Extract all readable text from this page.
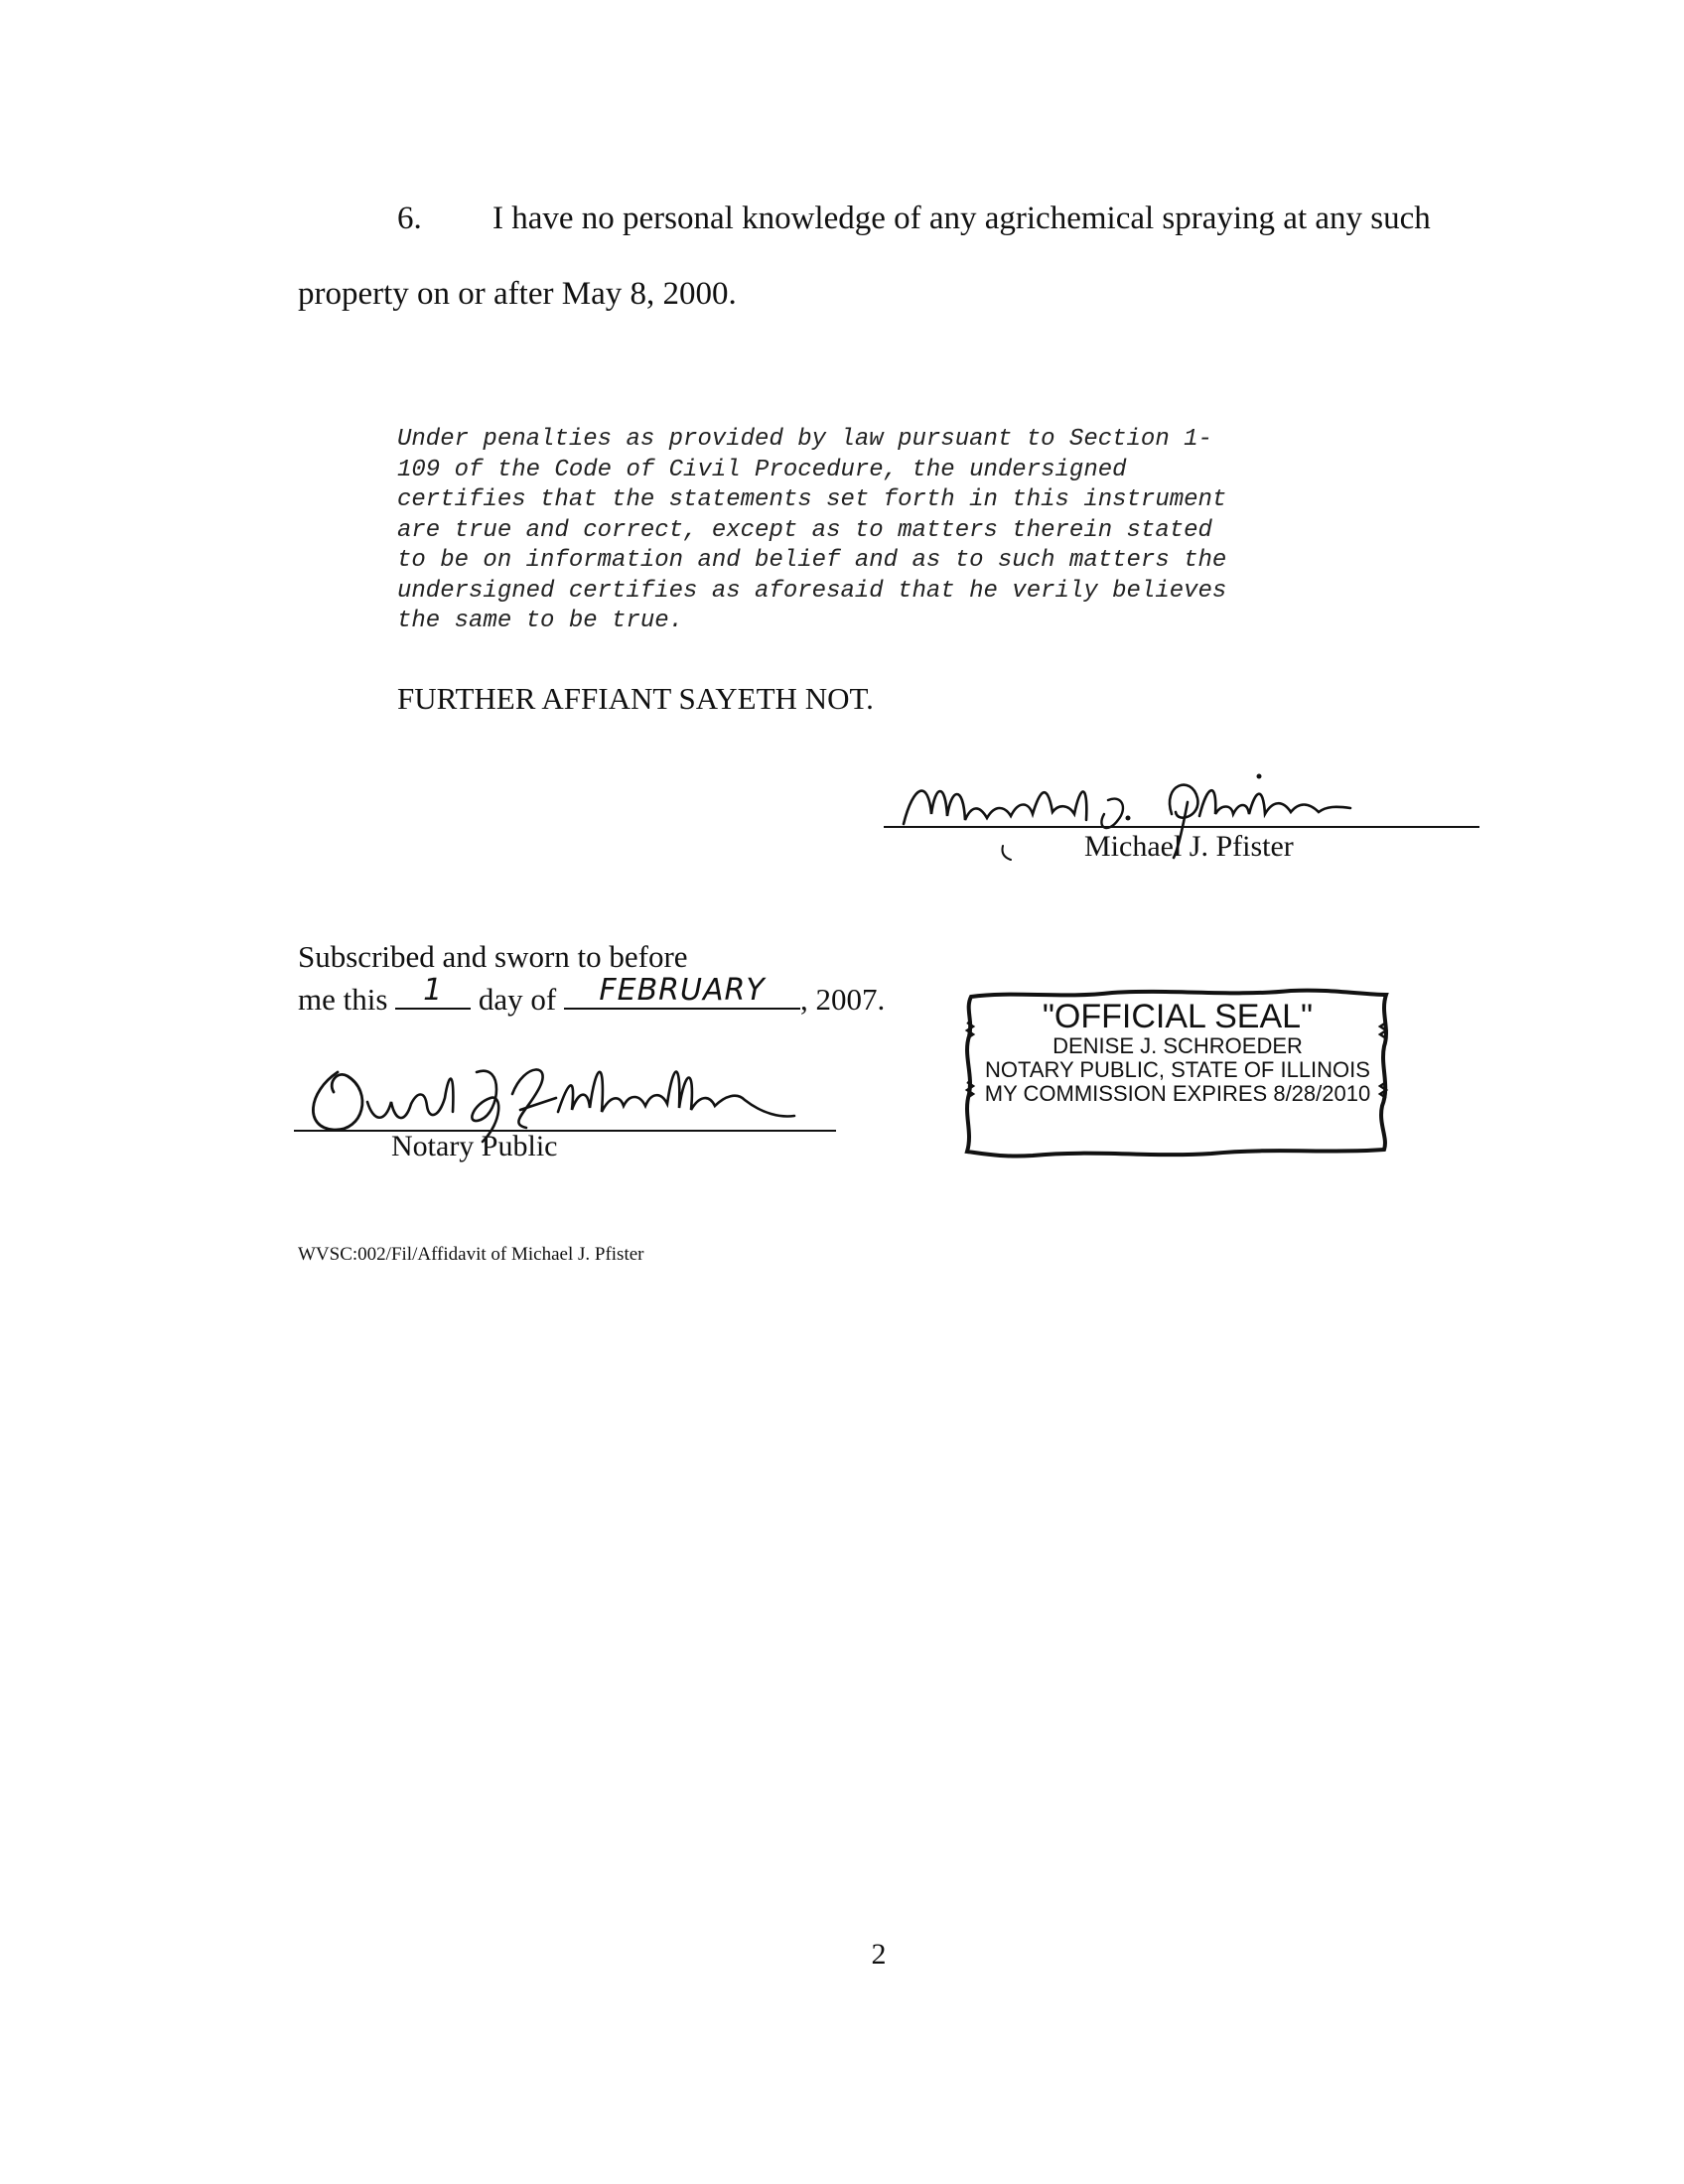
6. I have no personal knowledge of any agrichemical spraying at any such
property on or after May 8, 2000.
Under penalties as provided by law pursuant to Section 1-
109 of the Code of Civil Procedure, the undersigned
certifies that the statements set forth in this instrument
are true and correct, except as to matters therein stated
to be on information and belief and as to such matters the
undersigned certifies as aforesaid that he verily believes
the same to be true.
FURTHER AFFIANT SAYETH NOT.
Michael J. Pfister
Subscribed and sworn to before
me this	1	day of	FEBRUARY	, 2007.
Notary Public
"OFFICIAL SEAL"
DENISE J. SCHROEDER
NOTARY PUBLIC, STATE OF ILLINOIS
MY COMMISSION EXPIRES 8/28/2010
WVSC:002/Fil/Affidavit of Michael J. Pfister
2
